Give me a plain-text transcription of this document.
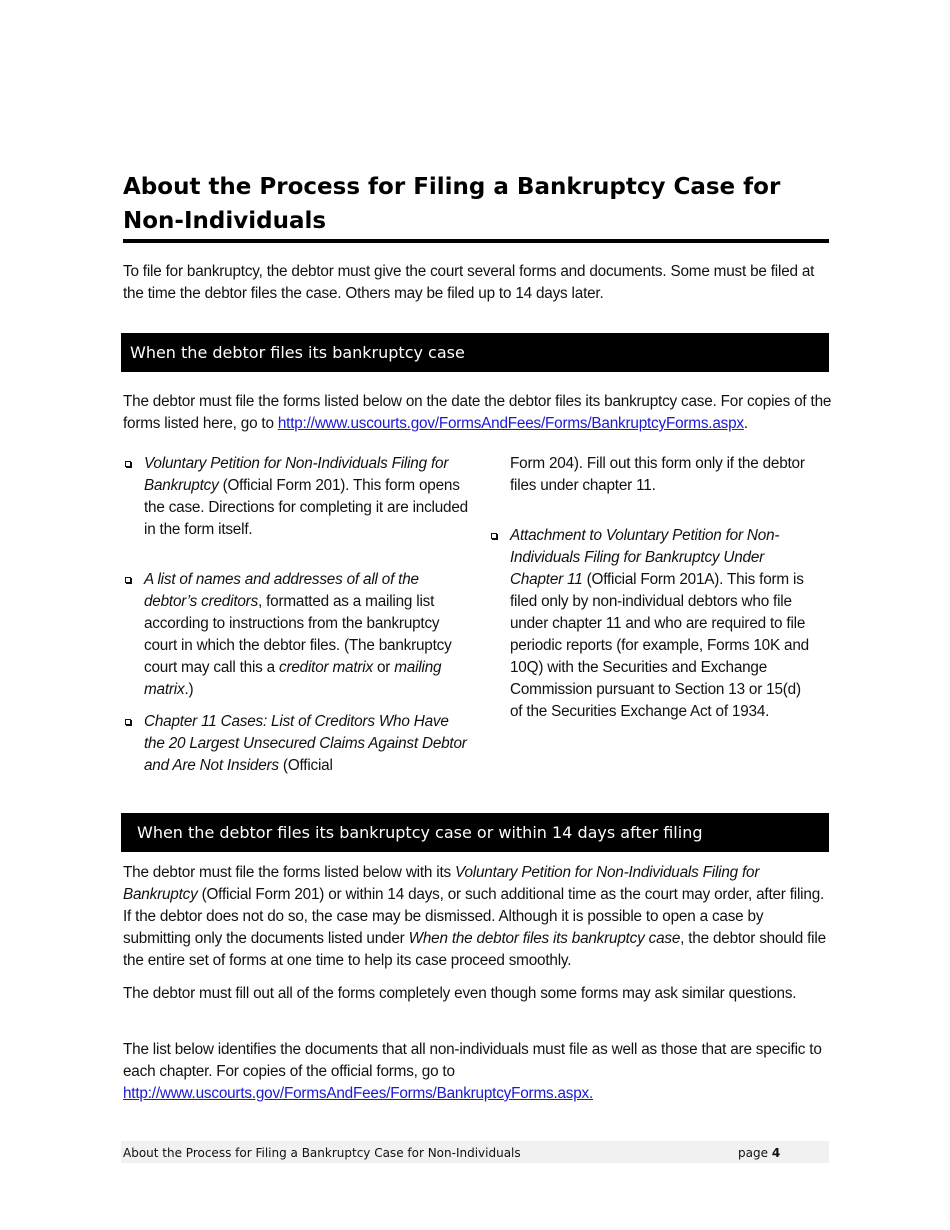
About the Process for Filing a Bankruptcy Case for Non-Individuals

To file for bankruptcy, the debtor must give the court several forms and documents. Some must be filed at the time the debtor files the case. Others may be filed up to 14 days later.

When the debtor files its bankruptcy case

The debtor must file the forms listed below on the date the debtor files its bankruptcy case. For copies of the forms listed here, go to http://www.uscourts.gov/FormsAndFees/Forms/BankruptcyForms.aspx.

Voluntary Petition for Non-Individuals Filing for Bankruptcy (Official Form 201). This form opens the case. Directions for completing it are included in the form itself.
A list of names and addresses of all of the debtor’s creditors, formatted as a mailing list according to instructions from the bankruptcy court in which the debtor files. (The bankruptcy court may call this a creditor matrix or mailing matrix.)
Chapter 11 Cases: List of Creditors Who Have the 20 Largest Unsecured Claims Against Debtor and Are Not Insiders (Official
Form 204). Fill out this form only if the debtor files under chapter 11.
Attachment to Voluntary Petition for Non-Individuals Filing for Bankruptcy Under Chapter 11 (Official Form 201A). This form is filed only by non-individual debtors who file under chapter 11 and who are required to file periodic reports (for example, Forms 10K and 10Q) with the Securities and Exchange Commission pursuant to Section 13 or 15(d) of the Securities Exchange Act of 1934.
When the debtor files its bankruptcy case or within 14 days after filing

The debtor must file the forms listed below with its Voluntary Petition for Non-Individuals Filing for Bankruptcy (Official Form 201) or within 14 days, or such additional time as the court may order, after filing. If the debtor does not do so, the case may be dismissed. Although it is possible to open a case by submitting only the documents listed under When the debtor files its bankruptcy case, the debtor should file the entire set of forms at one time to help its case proceed smoothly.

The debtor must fill out all of the forms completely even though some forms may ask similar questions.

The list below identifies the documents that all non-individuals must file as well as those that are specific to each chapter. For copies of the official forms, go to
http://www.uscourts.gov/FormsAndFees/Forms/BankruptcyForms.aspx.

About the Process for Filing a Bankruptcy Case for Non-Individuals	page 4
